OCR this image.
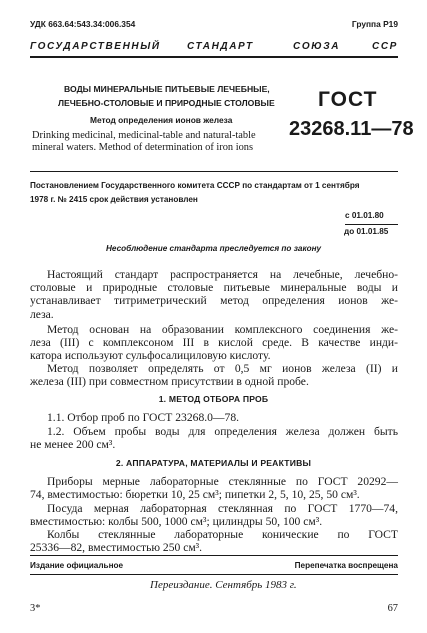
УДК 663.64:543.34:006.354	Группа Р19
ГОСУДАРСТВЕННЫЙ	СТАНДАРТ	СОЮЗА	ССР
ВОДЫ МИНЕРАЛЬНЫЕ ПИТЬЕВЫЕ ЛЕЧЕБНЫЕ,
ЛЕЧЕБНО-СТОЛОВЫЕ И ПРИРОДНЫЕ СТОЛОВЫЕ
Метод определения ионов железа
Drinking medicinal, medicinal-table and natural-table
mineral waters. Method of determination of iron ions
ГОСТ
23268.11—78
Постановлением Государственного комитета СССР по стандартам от 1 сентября
1978 г. № 2415 срок действия установлен
с 01.01.80
до 01.01.85
Несоблюдение стандарта преследуется по закону
Настоящий стандарт распространяется на лечебные, лечебно-
столовые и природные столовые питьевые минеральные воды и
устанавливает титриметрический метод определения ионов же-
леза.
Метод основан на образовании комплексного соединения же-
леза (III) с комплексоном III в кислой среде. В качестве инди-
катора используют сульфосалициловую кислоту.
Метод позволяет определять от 0,5 мг ионов железа (II) и
железа (III) при совместном присутствии в одной пробе.
1. МЕТОД ОТБОРА ПРОБ
1.1. Отбор проб по ГОСТ 23268.0—78.
1.2. Объем пробы воды для определения железа должен быть
не менее 200 см³.
2. АППАРАТУРА, МАТЕРИАЛЫ И РЕАКТИВЫ
Приборы мерные лабораторные стеклянные по ГОСТ 20292—
74, вместимостью: бюретки 10, 25 см³; пипетки 2, 5, 10, 25, 50 см³.
Посуда мерная лабораторная стеклянная по ГОСТ 1770—74,
вместимостью: колбы 500, 1000 см³; цилиндры 50, 100 см³.
Колбы стеклянные лабораторные конические по ГОСТ
25336—82, вместимостью 250 см³.
Издание официальное	Перепечатка воспрещена
Переиздание. Сентябрь 1983 г.
3*	67
